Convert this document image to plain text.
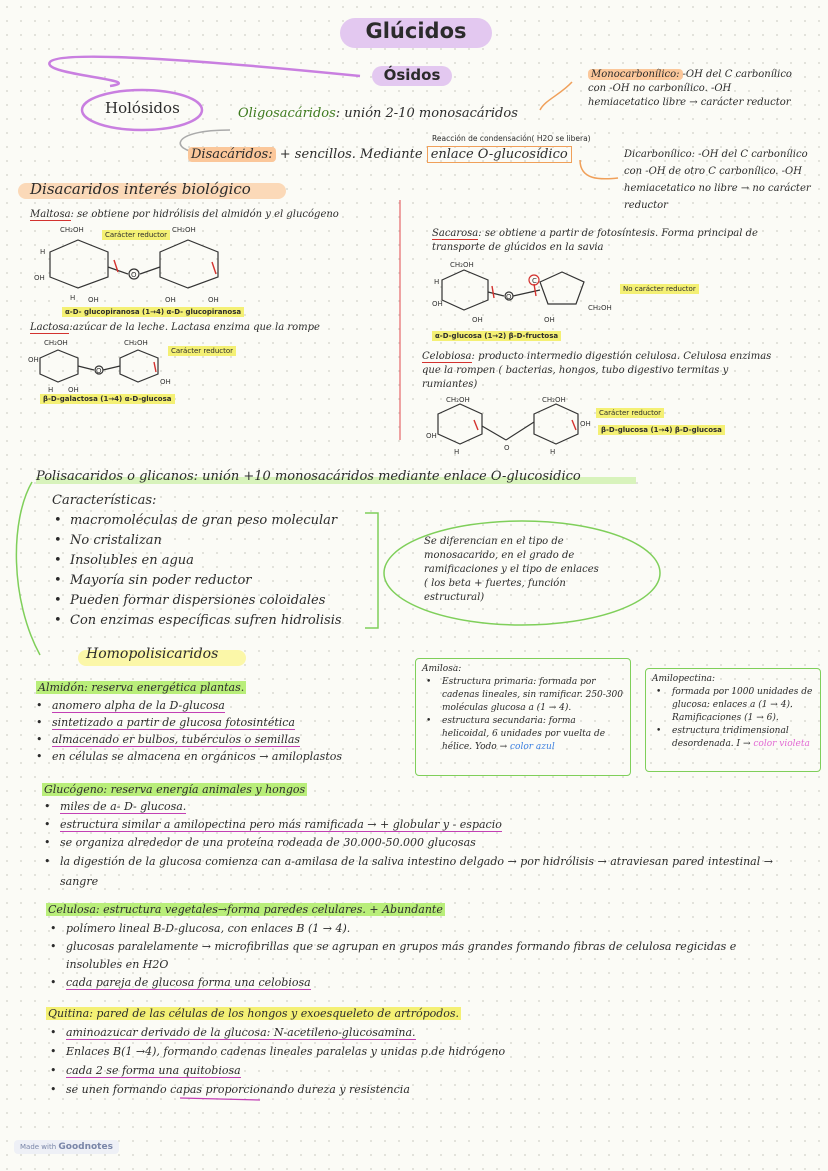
Glúcidos
Ósidos
Holósidos	Oligosacáridos: unión 2-10 monosacáridos
Reacción de condensación( H2O se libera)
Disacáridos: + sencillos. Mediante enlace O-glucosídico
Monocarbonílico: -OH del C carbonílico
con -OH no carbonílico. -OH
hemiacetatico libre → carácter reductor
Dicarbonílico: -OH del C carbonílico
con -OH de otro C carbonílico. -OH
hemiacetatico no libre → no carácter
reductor
Disacaridos interés biológico
Maltosa: se obtiene por hidrólisis del almidón y el glucógeno
CH₂OH	CH₂OH
H
OH
OH
H	OH	OH
O
Carácter reductor
α-D- glucopiranosa (1→4) α-D- glucopiranosa
Lactosa:azúcar de la leche. Lactasa enzima que la rompe
CH₂OH	CH₂OH
OH
OH
OH
H
O
Carácter reductor
β-D-galactosa (1→4) α-D-glucosa
Sacarosa: se obtiene a partir de fotosíntesis. Forma principal de
transporte de glúcidos en la savia
CH₂OH
CH₂OH
H
OH
OH	OH
C
O
No carácter reductor
α-D-glucosa (1→2) β-D-fructosa
Celobiosa: producto intermedio digestión celulosa. Celulosa enzimas
que la rompen ( bacterias, hongos, tubo digestivo termitas y
rumiantes)
CH₂OH	CH₂OH
OH
OH
H	H
O
Carácter reductor
β-D-glucosa (1→4) β-D-glucosa
Polisacaridos o glicanos: unión +10 monosacáridos mediante enlace O-glucosidico
Características:
• macromoléculas de gran peso molecular
• No cristalizan
• Insolubles en agua
• Mayoría sin poder reductor
• Pueden formar dispersiones coloidales
• Con enzimas específicas sufren hidrolisis
Se diferencian en el tipo de
monosacarido, en el grado de
ramificaciones y el tipo de enlaces
( los beta + fuertes, función
estructural)
Homopolisicaridos
Almidón: reserva energética plantas.
• anomero alpha de la D-glucosa
• sintetizado a partir de glucosa fotosintética
• almacenado er bulbos, tubérculos o semillas
• en células se almacena en orgánicos → amiloplastos
Amilosa:
• Estructura primaria: formada por cadenas lineales, sin ramificar. 250-300 moléculas glucosa a (1 → 4).
• estructura secundaria: forma helicoidal, 6 unidades por vuelta de hélice. Yodo → color azul
Amilopectina:
• formada por 1000 unidades de glucosa: enlaces a (1 → 4). Ramificaciones (1 → 6).
• estructura tridimensional desordenada. I → color violeta
Glucógeno: reserva energía animales y hongos
• miles de a- D- glucosa.
• estructura similar a amilopectina pero más ramificada → + globular y - espacio
• se organiza alrededor de una proteína rodeada de 30.000-50.000 glucosas
• la digestión de la glucosa comienza can a-amilasa de la saliva intestino delgado → por hidrólisis → atraviesan pared intestinal → sangre
Celulosa: estructura vegetales→forma paredes celulares. + Abundante
• polímero lineal B-D-glucosa, con enlaces B (1 → 4).
• glucosas paralelamente → microfibrillas que se agrupan en grupos más grandes formando fibras de celulosa regicidas e insolubles en H2O
• cada pareja de glucosa forma una celobiosa
Quitina: pared de las células de los hongos y exoesqueleto de artrópodos.
• aminoazucar derivado de la glucosa: N-acetileno-glucosamina.
• Enlaces B(1 →4), formando cadenas lineales paralelas y unidas p.de hidrógeno
• cada 2 se forma una quitobiosa
• se unen formando capas proporcionando dureza y resistencia
Made with Goodnotes
